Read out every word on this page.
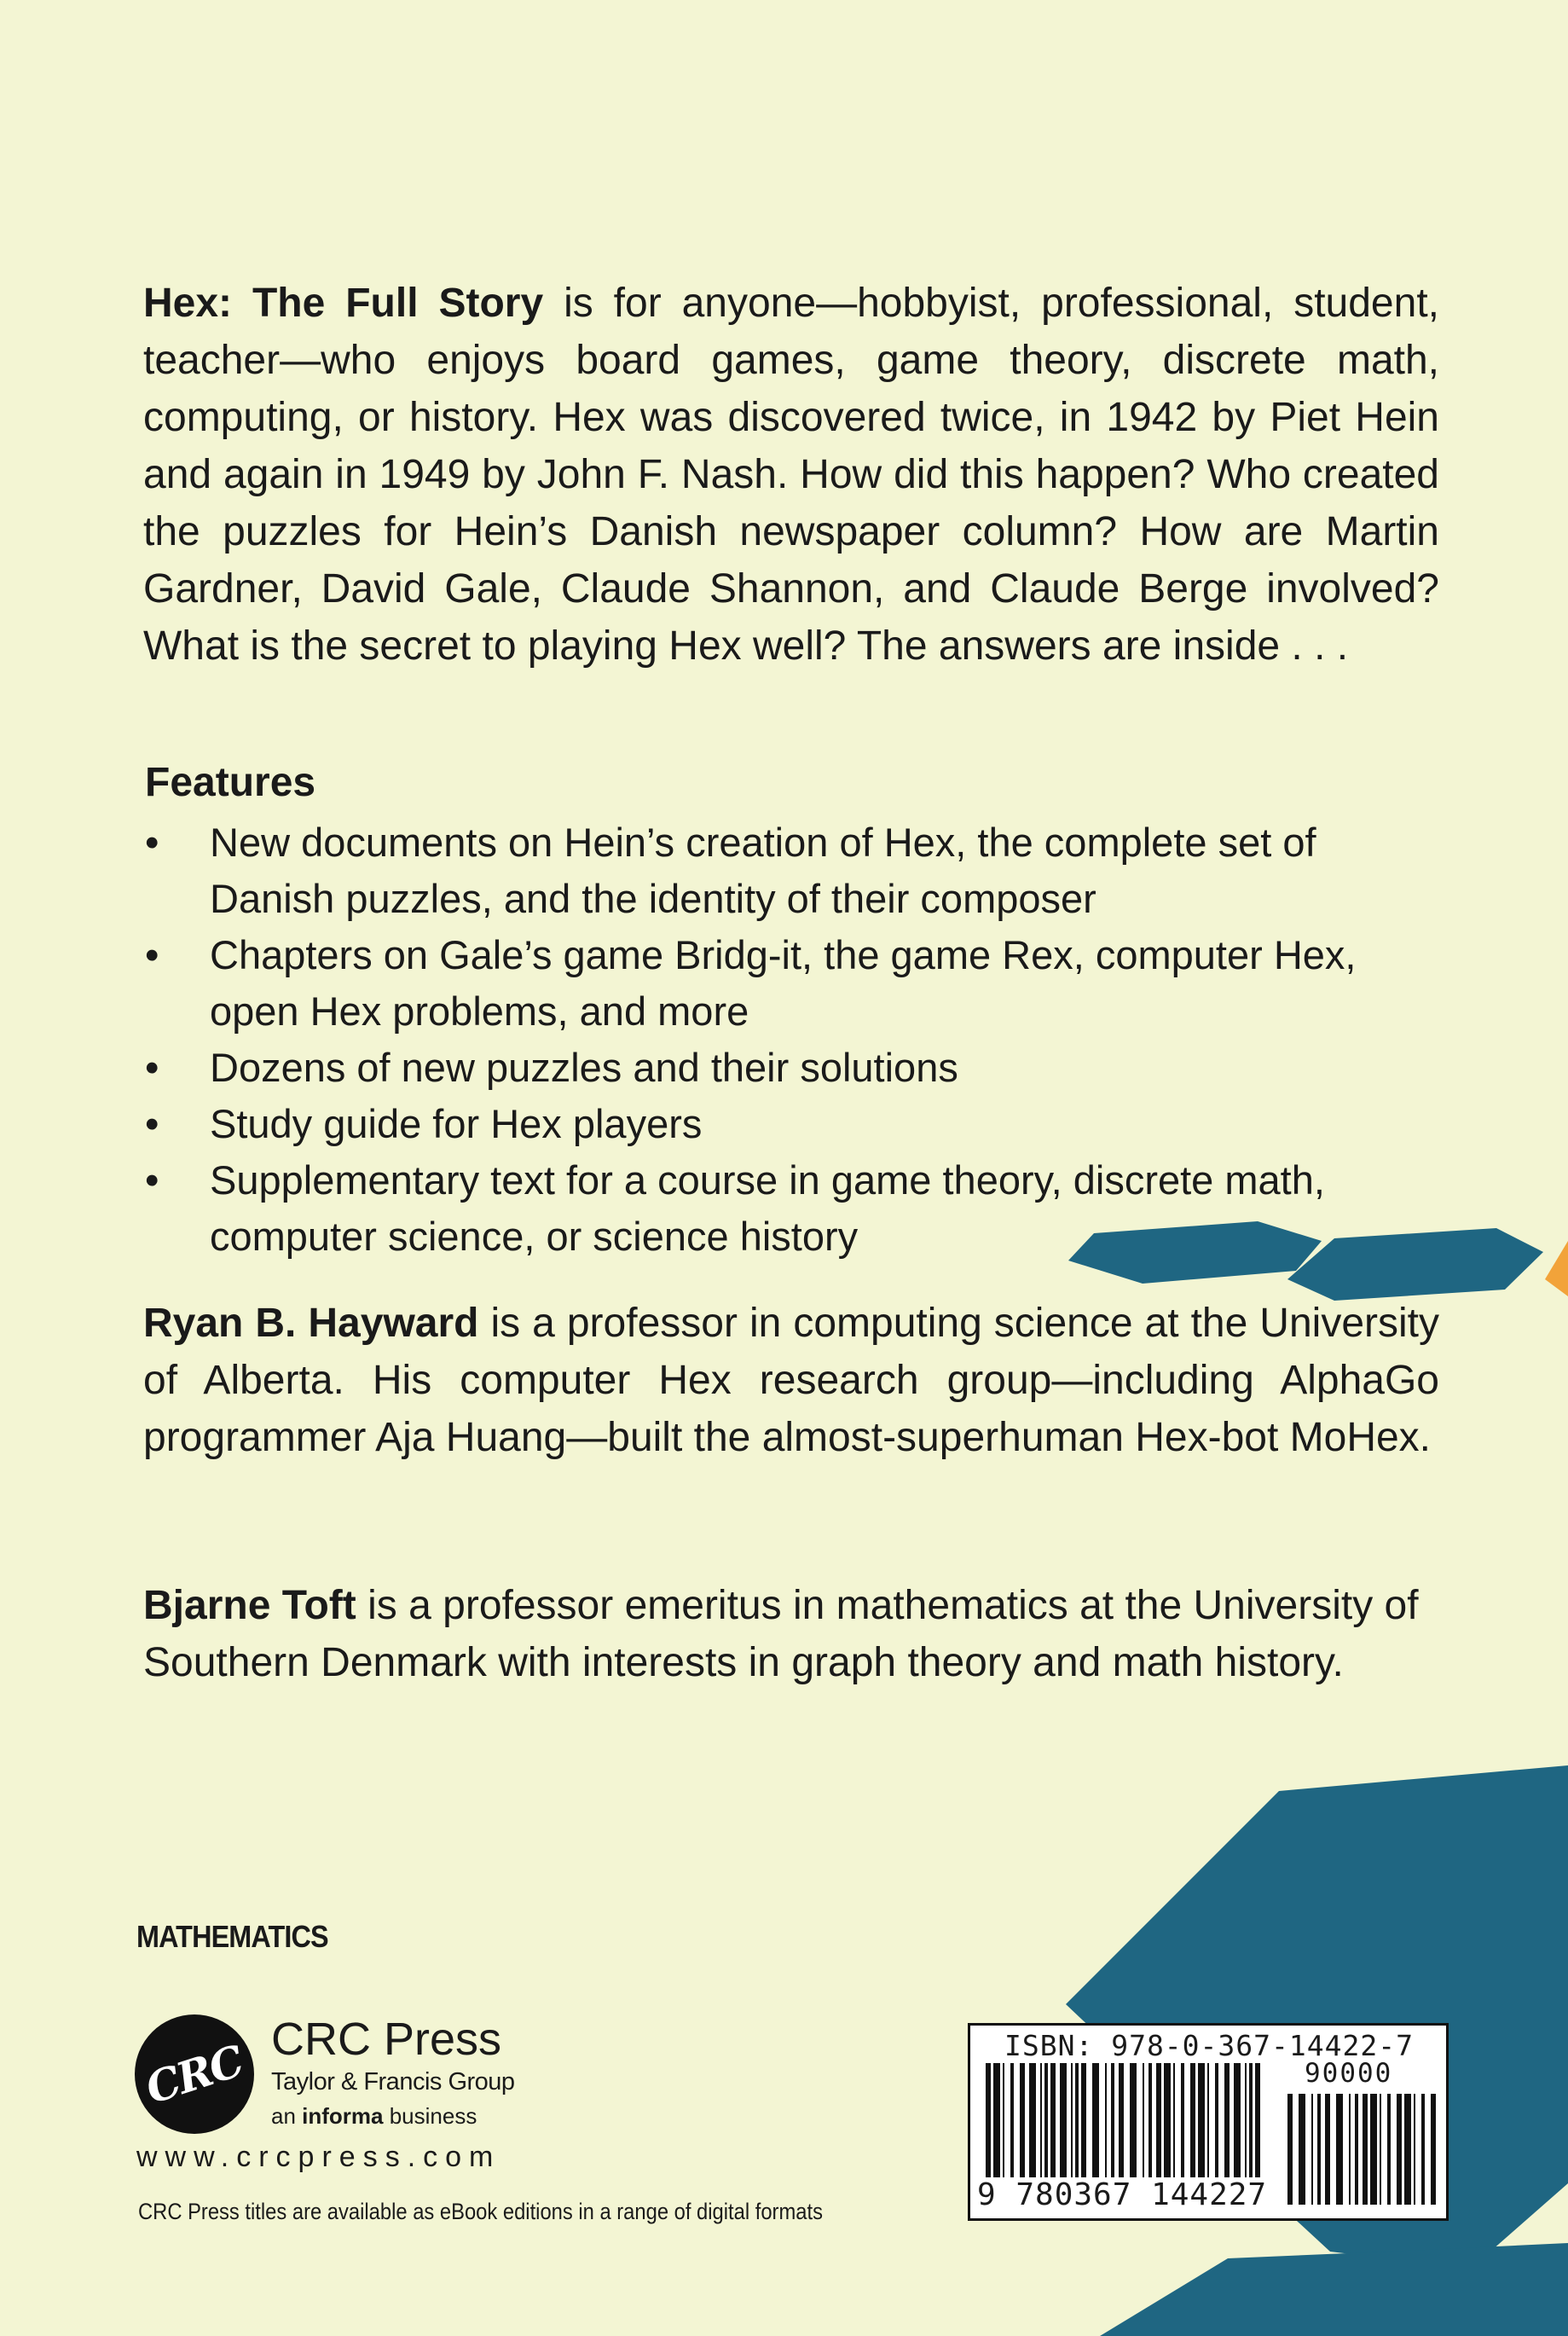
Hex: The Full Story is for anyone—hobbyist, professional, student, teacher—who enjoys board games, game theory, discrete math, computing, or history. Hex was discovered twice, in 1942 by Piet Hein and again in 1949 by John F. Nash. How did this happen? Who created the puzzles for Hein’s Danish newspaper column? How are Martin Gardner, David Gale, Claude Shannon, and Claude Berge involved? What is the secret to playing Hex well? The answers are inside . . .

Features
• New documents on Hein’s creation of Hex, the complete set of Danish puzzles, and the identity of their composer
• Chapters on Gale’s game Bridg-it, the game Rex, computer Hex, open Hex problems, and more
• Dozens of new puzzles and their solutions
• Study guide for Hex players
• Supplementary text for a course in game theory, discrete math, computer science, or science history

Ryan B. Hayward is a professor in computing science at the University of Alberta. His computer Hex research group—including AlphaGo programmer Aja Huang—built the almost-superhuman Hex-bot MoHex.

Bjarne Toft is a professor emeritus in mathematics at the University of Southern Denmark with interests in graph theory and math history.

MATHEMATICS
CRC CRC Press
Taylor & Francis Group
an informa business
www.crcpress.com
CRC Press titles are available as eBook editions in a range of digital formats
ISBN: 978-0-367-14422-7
90000
9 780367 144227
